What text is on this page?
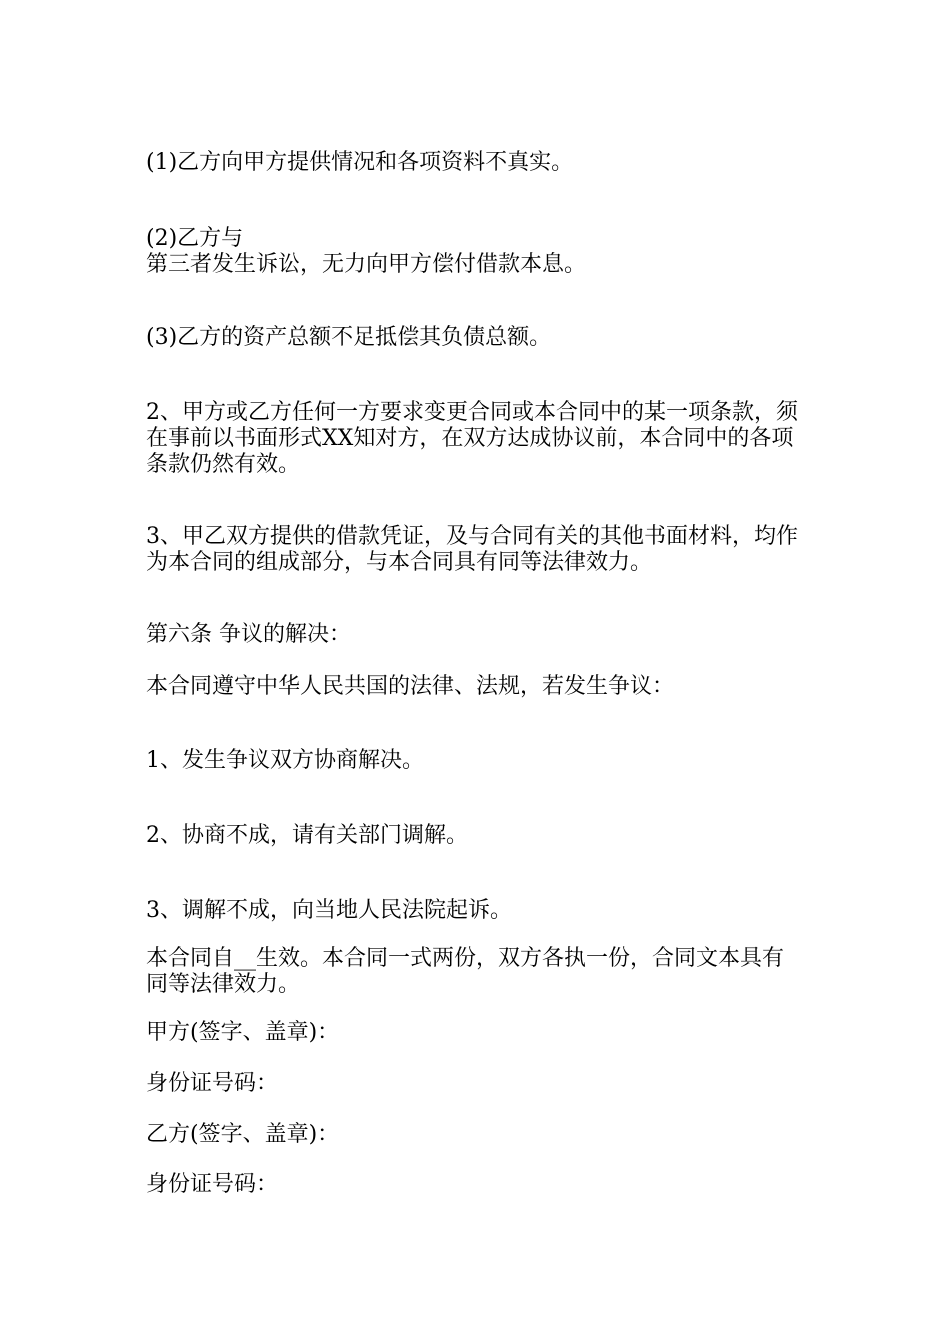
(1)乙方向甲方提供情况和各项资料不真实。

(2)乙方与
第三者发生诉讼，无力向甲方偿付借款本息。

(3)乙方的资产总额不足抵偿其负债总额。

2、甲方或乙方任何一方要求变更合同或本合同中的某一项条款，须
在事前以书面形式XX知对方，在双方达成协议前，本合同中的各项
条款仍然有效。

3、甲乙双方提供的借款凭证，及与合同有关的其他书面材料，均作
为本合同的组成部分，与本合同具有同等法律效力。

第六条 争议的解决：

本合同遵守中华人民共国的法律、法规，若发生争议：

1、发生争议双方协商解决。

2、协商不成，请有关部门调解。

3、调解不成，向当地人民法院起诉。

本合同自__生效。本合同一式两份，双方各执一份，合同文本具有
同等法律效力。

甲方(签字、盖章)：

身份证号码：

乙方(签字、盖章)：

身份证号码：
